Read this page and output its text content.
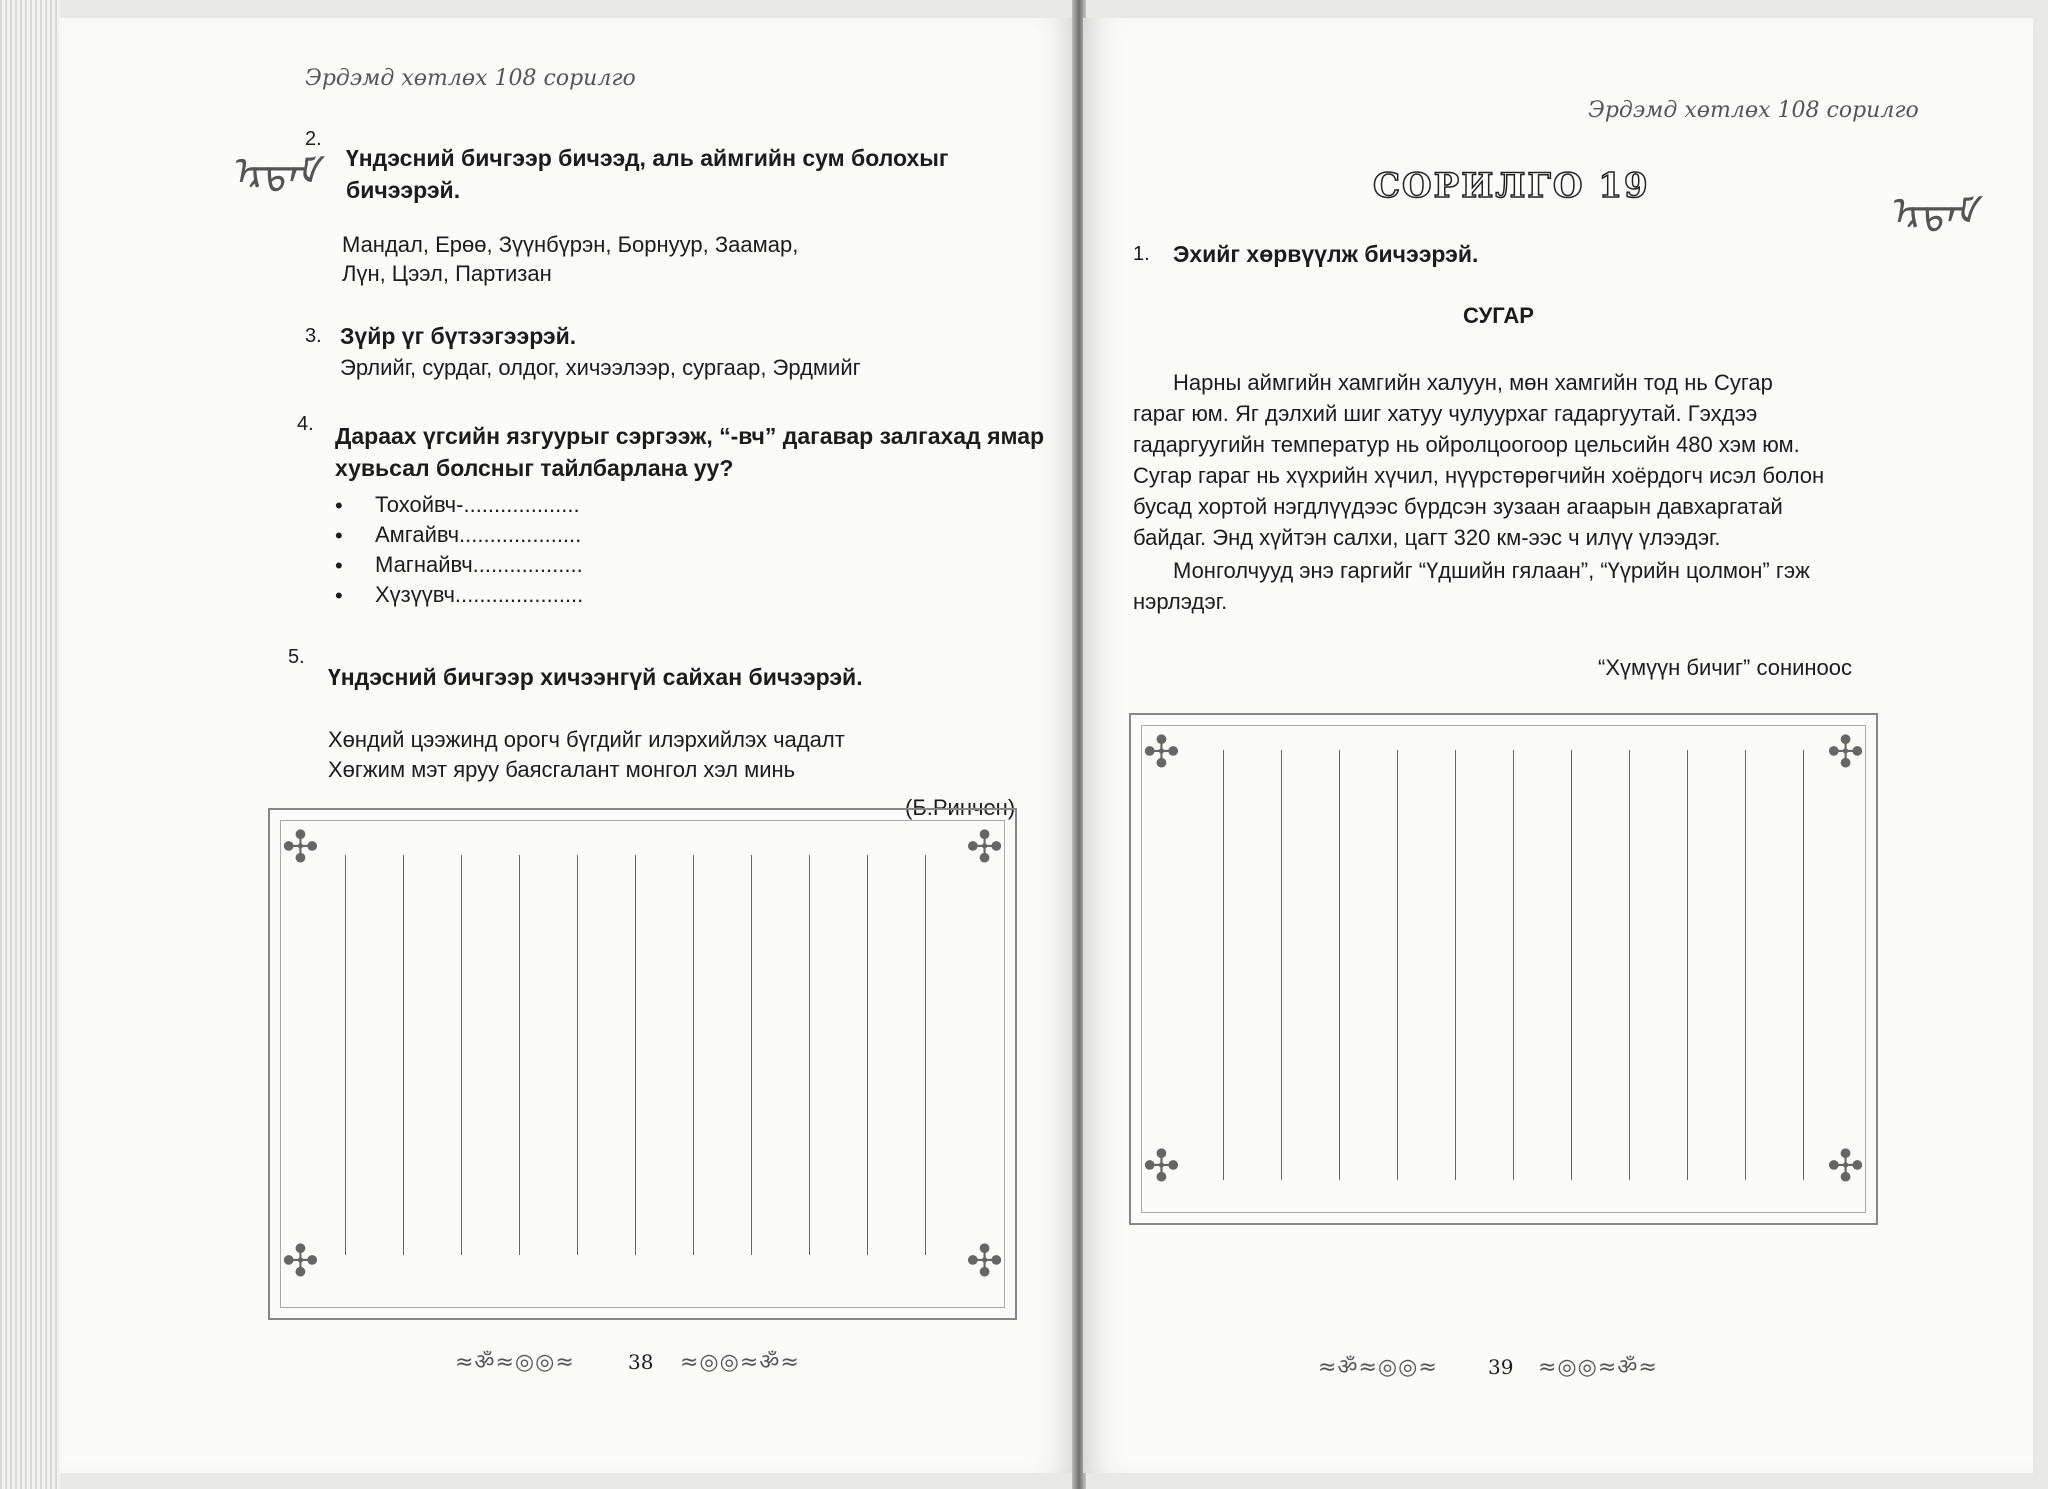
Эрдэмд хөтлөх 108 сорилго
ᠡᠷᠳᠡᠮ
2.
Үндэсний бичгээр бичээд, аль аймгийн сум болохыг бичээрэй.
Мандал, Ерөө, Зүүнбүрэн, Борнуур, Заамар,
Лүн, Цээл, Партизан
3. Зүйр үг бүтээгээрэй.
Эрлийг, сурдаг, олдог, хичээлээр, сургаар, Эрдмийг
4. Дараах үгсийн язгуурыг сэргээж, “-вч” дагавар залгахад ямар хувьсал болсныг тайлбарлана уу?
• Тохойвч-...................
• Амгайвч....................
• Магнайвч..................
• Хүзүүвч.....................
5.
Үндэсний бичгээр хичээнгүй сайхан бичээрэй.
Хөндий цээжинд орогч бүгдийг илэрхийлэх чадалт
Хөгжим мэт яруу баясгалант монгол хэл минь
(Б.Ринчен)
✣	✣
✣	✣
≈ॐ≈◎◎≈	38 ≈◎◎≈ॐ≈
Эрдэмд хөтлөх 108 сорилго
ᠡᠷᠳᠡᠮ
СОРИЛГО 19
1. Эхийг хөрвүүлж бичээрэй.
СУГАР
Нарны аймгийн хамгийн халуун, мөн хамгийн тод нь Сугар
гараг юм. Яг дэлхий шиг хатуу чулуурхаг гадаргуутай. Гэхдээ
гадаргуугийн температур нь ойролцоогоор цельсийн 480 хэм юм.
Сугар гараг нь хүхрийн хүчил, нүүрстөрөгчийн хоёрдогч исэл болон
бусад хортой нэгдлүүдээс бүрдсэн зузаан агаарын давхаргатай
байдаг. Энд хүйтэн салхи, цагт 320 км-ээс ч илүү үлээдэг.
Монголчууд энэ гаргийг “Үдшийн гялаан”, “Үүрийн цолмон” гэж
нэрлэдэг.
“Хүмүүн бичиг” сониноос
✣	✣
✣	✣
≈ॐ≈◎◎≈	39 ≈◎◎≈ॐ≈
